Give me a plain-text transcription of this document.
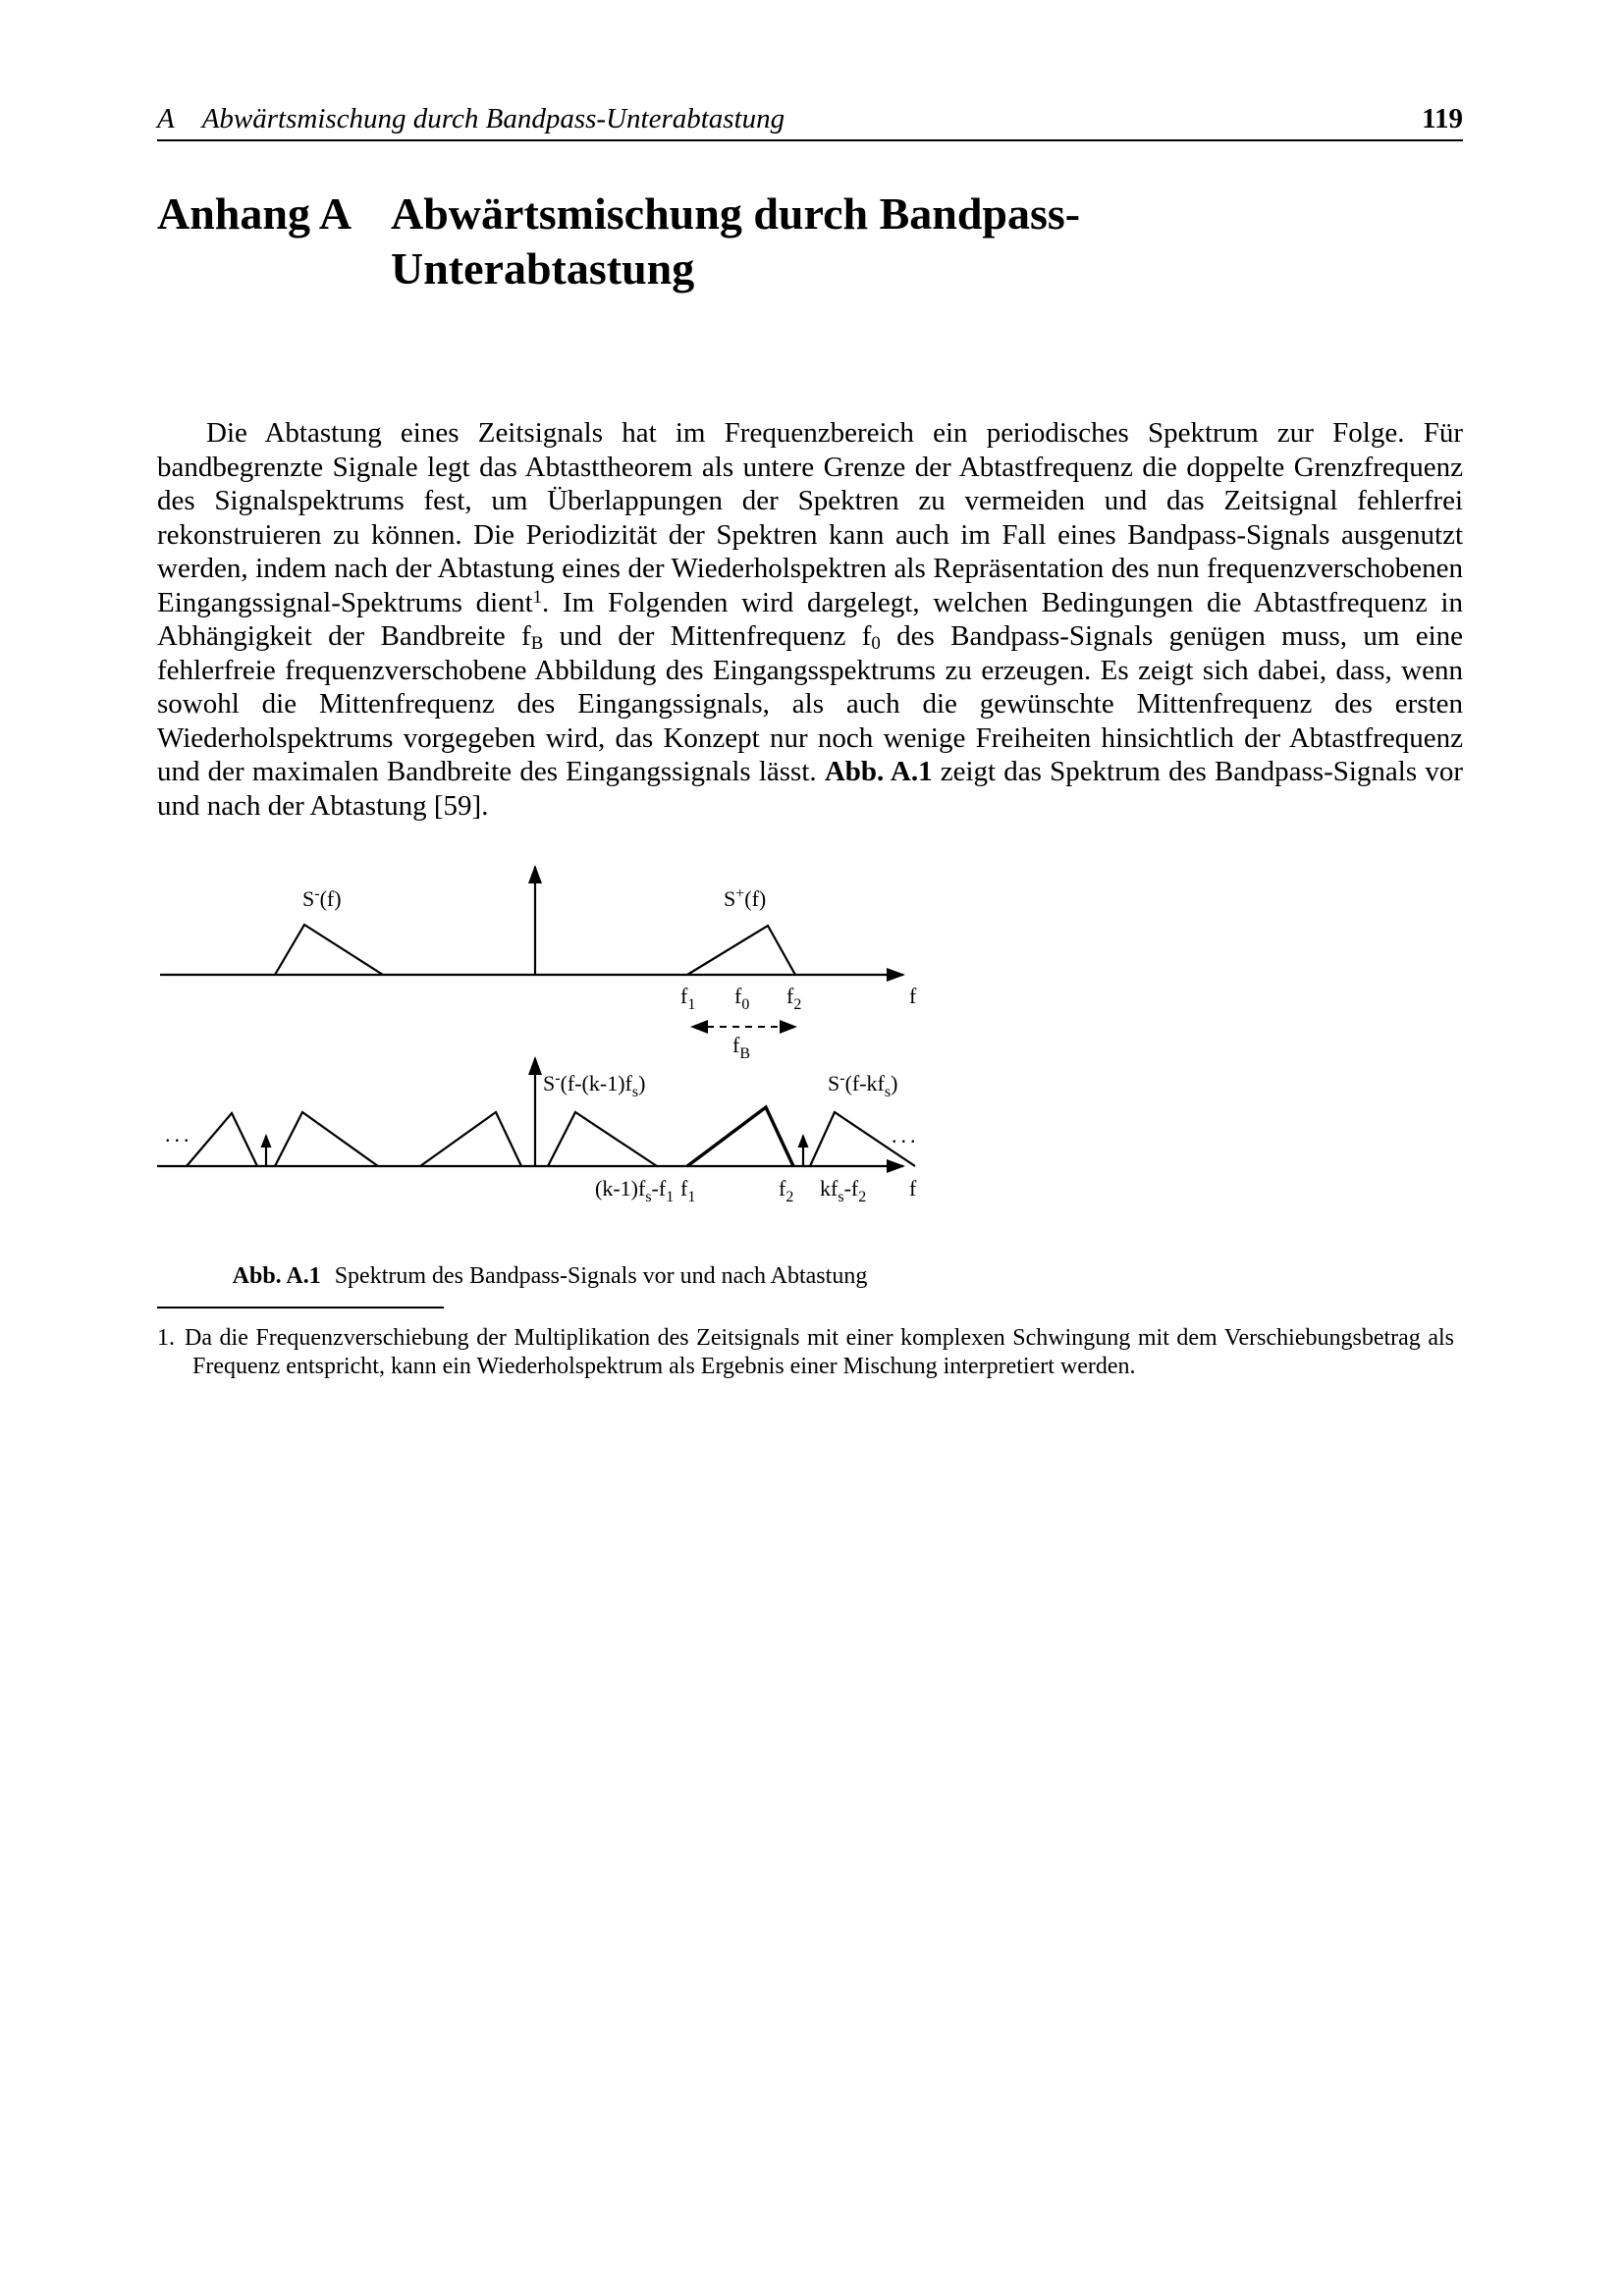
A Abwärtsmischung durch Bandpass-Unterabtastung	119
Anhang A Abwärtsmischung durch Bandpass-
Unterabtastung

Die Abtastung eines Zeitsignals hat im Frequenzbereich ein periodisches Spektrum zur Folge. Für bandbegrenzte Signale legt das Abtasttheorem als untere Grenze der Abtastfrequenz die doppelte Grenzfrequenz des Signalspektrums fest, um Überlappungen der Spektren zu vermeiden und das Zeitsignal fehlerfrei rekonstruieren zu können. Die Periodizität der Spektren kann auch im Fall eines Bandpass-Signals ausgenutzt werden, indem nach der Abtastung eines der Wiederholspektren als Repräsentation des nun frequenzverschobenen Eingangssignal-Spektrums dient$^1$. Im Folgenden wird dargelegt, welchen Bedingungen die Abtastfrequenz in Abhängigkeit der Bandbreite $f_B$ und der Mittenfrequenz $f_0$ des Bandpass-Signals genügen muss, um eine fehlerfreie frequenzverschobene Abbildung des Eingangsspektrums zu erzeugen. Es zeigt sich dabei, dass, wenn sowohl die Mittenfrequenz des Eingangssignals, als auch die gewünschte Mittenfrequenz des ersten Wiederholspektrums vorgegeben wird, das Konzept nur noch wenige Freiheiten hinsichtlich der Abtastfrequenz und der maximalen Bandbreite des Eingangssignals lässt. Abb. A.1 zeigt das Spektrum des Bandpass-Signals vor und nach der Abtastung [59].

S-(f)	S+(f)
$f_1$ $f_0$ $f_2$	f
$f_B$
...
$S^-(f-(k-1)f_s)$	$S^-(f-kf_s)$
...
$(k-1)f_s-f_1$ $f_1$	$f_2$ $kf_s-f_2$ f
Abb. A.1 Spektrum des Bandpass-Signals vor und nach Abtastung
1. Da die Frequenzverschiebung der Multiplikation des Zeitsignals mit einer komplexen Schwingung mit dem Verschiebungsbetrag als Frequenz entspricht, kann ein Wiederholspektrum als Ergebnis einer Mischung interpretiert werden.
